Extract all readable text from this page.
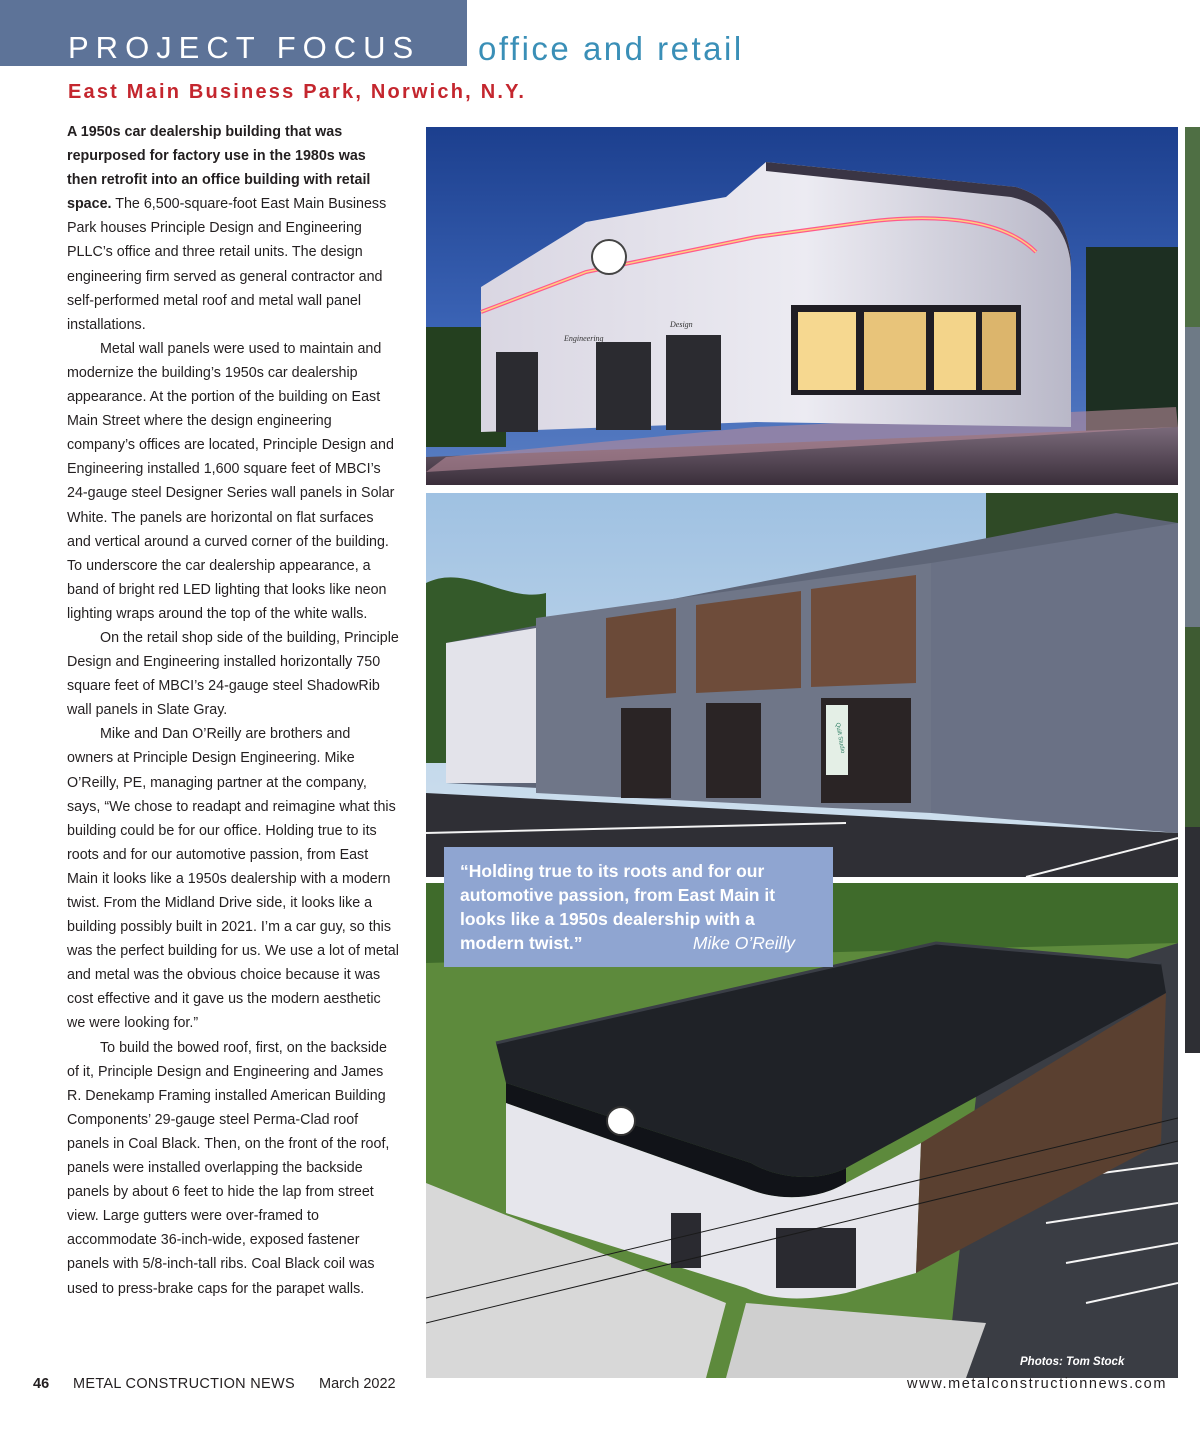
PROJECT FOCUS office and retail
East Main Business Park, Norwich, N.Y.

A 1950s car dealership building that was repurposed for factory use in the 1980s was then retrofit into an office building with retail space. The 6,500-square-foot East Main Business Park houses Principle Design and Engineering PLLC’s office and three retail units. The design engineering firm served as general contractor and self-performed metal roof and metal wall panel installations.

Metal wall panels were used to maintain and modernize the building’s 1950s car dealership appearance. At the portion of the building on East Main Street where the design engineering company’s offices are located, Principle Design and Engineering installed 1,600 square feet of MBCI’s 24-gauge steel Designer Series wall panels in Solar White. The panels are horizontal on flat surfaces and vertical around a curved corner of the building. To underscore the car dealership appearance, a band of bright red LED lighting that looks like neon lighting wraps around the top of the white walls.

On the retail shop side of the building, Principle Design and Engineering installed horizontally 750 square feet of MBCI’s 24-gauge steel ShadowRib wall panels in Slate Gray.

Mike and Dan O’Reilly are brothers and owners at Principle Design Engineering. Mike O’Reilly, PE, managing partner at the company, says, “We chose to readapt and reimagine what this building could be for our office. Holding true to its roots and for our automotive passion, from East Main it looks like a 1950s dealership with a modern twist. From the Midland Drive side, it looks like a building possibly built in 2021. I’m a car guy, so this was the perfect building for us. We use a lot of metal and metal was the obvious choice because it was cost effective and it gave us the modern aesthetic we were looking for.”

To build the bowed roof, first, on the backside of it, Principle Design and Engineering and James R. Denekamp Framing installed American Building Components’ 29-gauge steel Perma-Clad roof panels in Coal Black. Then, on the front of the roof, panels were installed overlapping the backside panels by about 6 feet to hide the lap from street view. Large gutters were over-framed to accommodate 36-inch-wide, exposed fastener panels with 5/8-inch-tall ribs. Coal Black coil was used to press-brake caps for the parapet walls.

Engineering
Design
Quilt Studio

“Holding true to its roots and for our automotive passion, from East Main it looks like a 1950s dealership with a modern twist.”	Mike O’Reilly

Photos: Tom Stock
46 METAL CONSTRUCTION NEWS March 2022	www.metalconstructionnews.com
